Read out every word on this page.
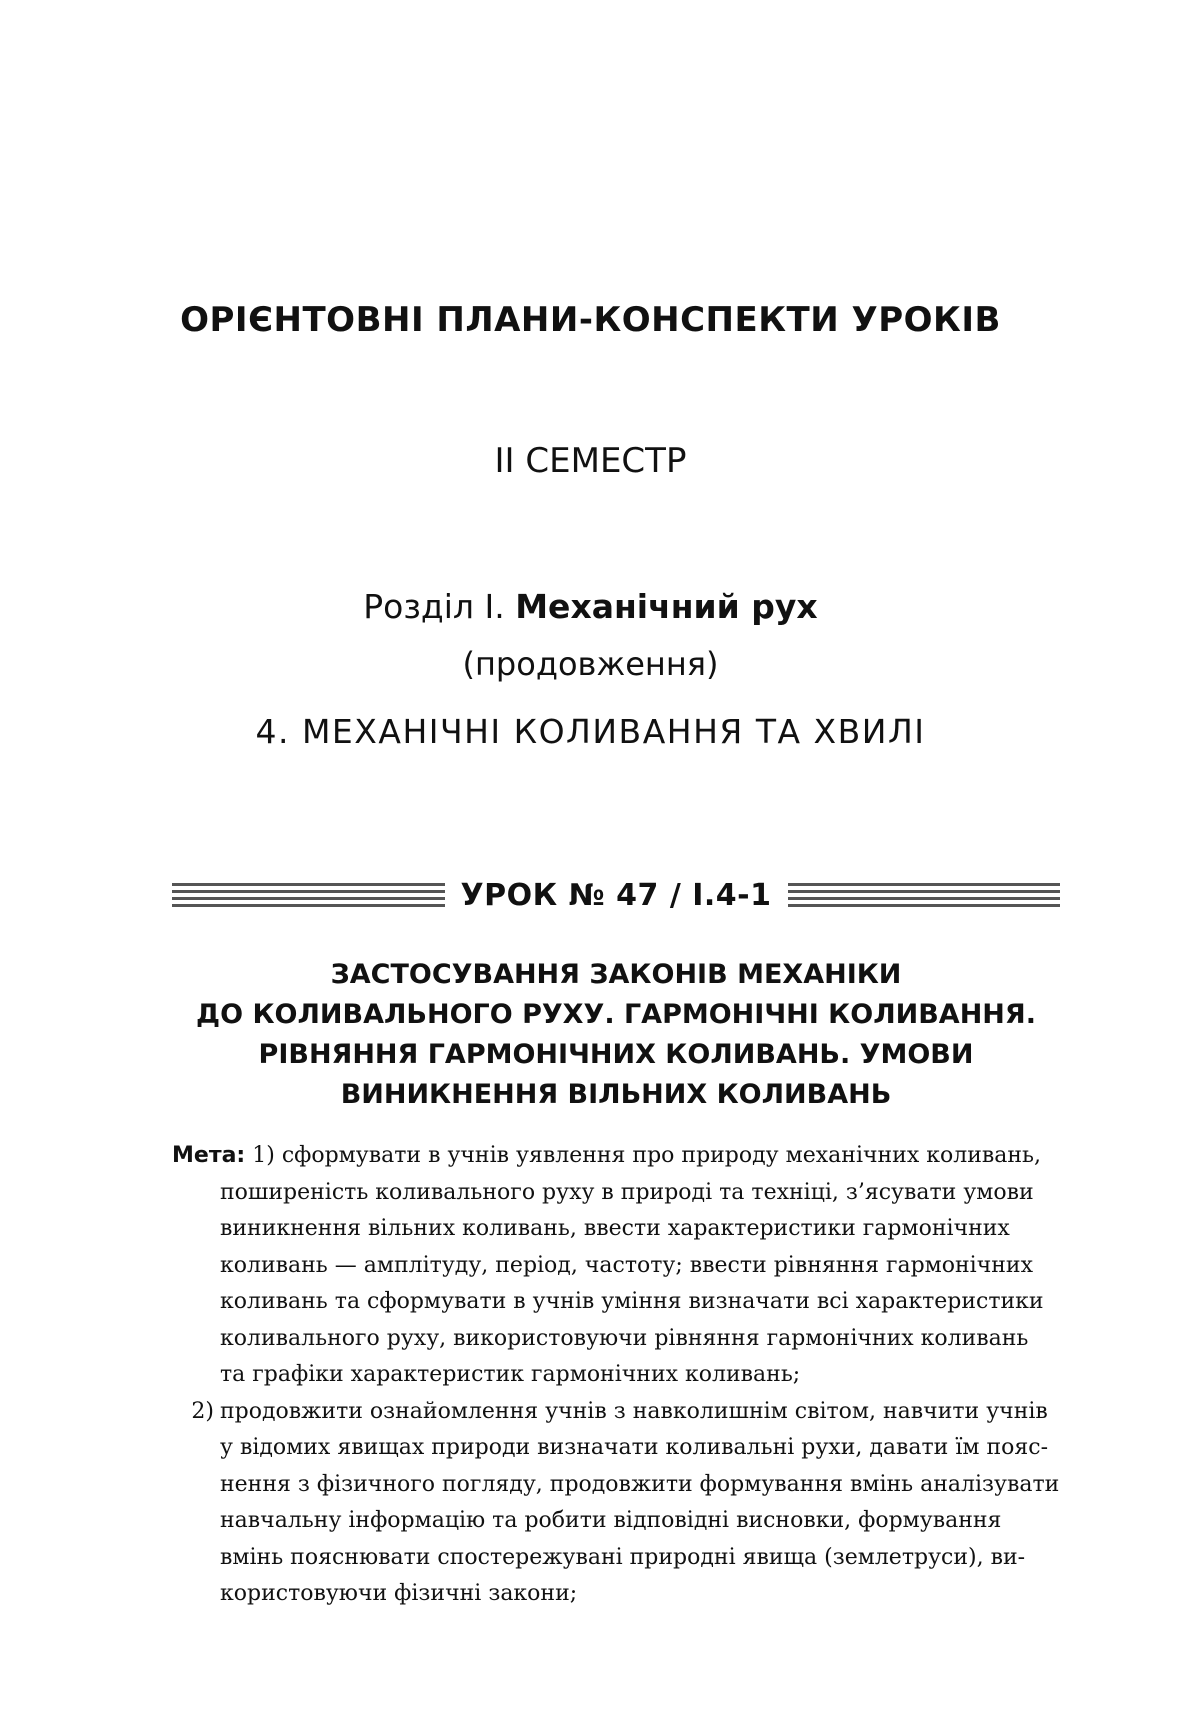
ОРІЄНТОВНІ ПЛАНИ-КОНСПЕКТИ УРОКІВ
ІІ СЕМЕСТР
Розділ І. Механічний рух
(продовження)
4. МЕХАНІЧНІ КОЛИВАННЯ ТА ХВИЛІ
УРОК № 47 / І.4-1
ЗАСТОСУВАННЯ ЗАКОНІВ МЕХАНІКИ
ДО КОЛИВАЛЬНОГО РУХУ. ГАРМОНІЧНІ КОЛИВАННЯ.
РІВНЯННЯ ГАРМОНІЧНИХ КОЛИВАНЬ. УМОВИ
ВИНИКНЕННЯ ВІЛЬНИХ КОЛИВАНЬ
Мета: 1) сформувати в учнів уявлення про природу механічних коливань,
поширеність коливального руху в природі та техніці, з’ясувати умови
виникнення вільних коливань, ввести характеристики гармонічних
коливань — амплітуду, період, частоту; ввести рівняння гармонічних
коливань та сформувати в учнів уміння визначати всі характеристики
коливального руху, використовуючи рівняння гармонічних коливань
та графіки характеристик гармонічних коливань;
2) продовжити ознайомлення учнів з навколишнім світом, навчити учнів
у відомих явищах природи визначати коливальні рухи, давати їм пояс-
нення з фізичного погляду, продовжити формування вмінь аналізувати
навчальну інформацію та робити відповідні висновки, формування
вмінь пояснювати спостережувані природні явища (землетруси), ви-
користовуючи фізичні закони;
